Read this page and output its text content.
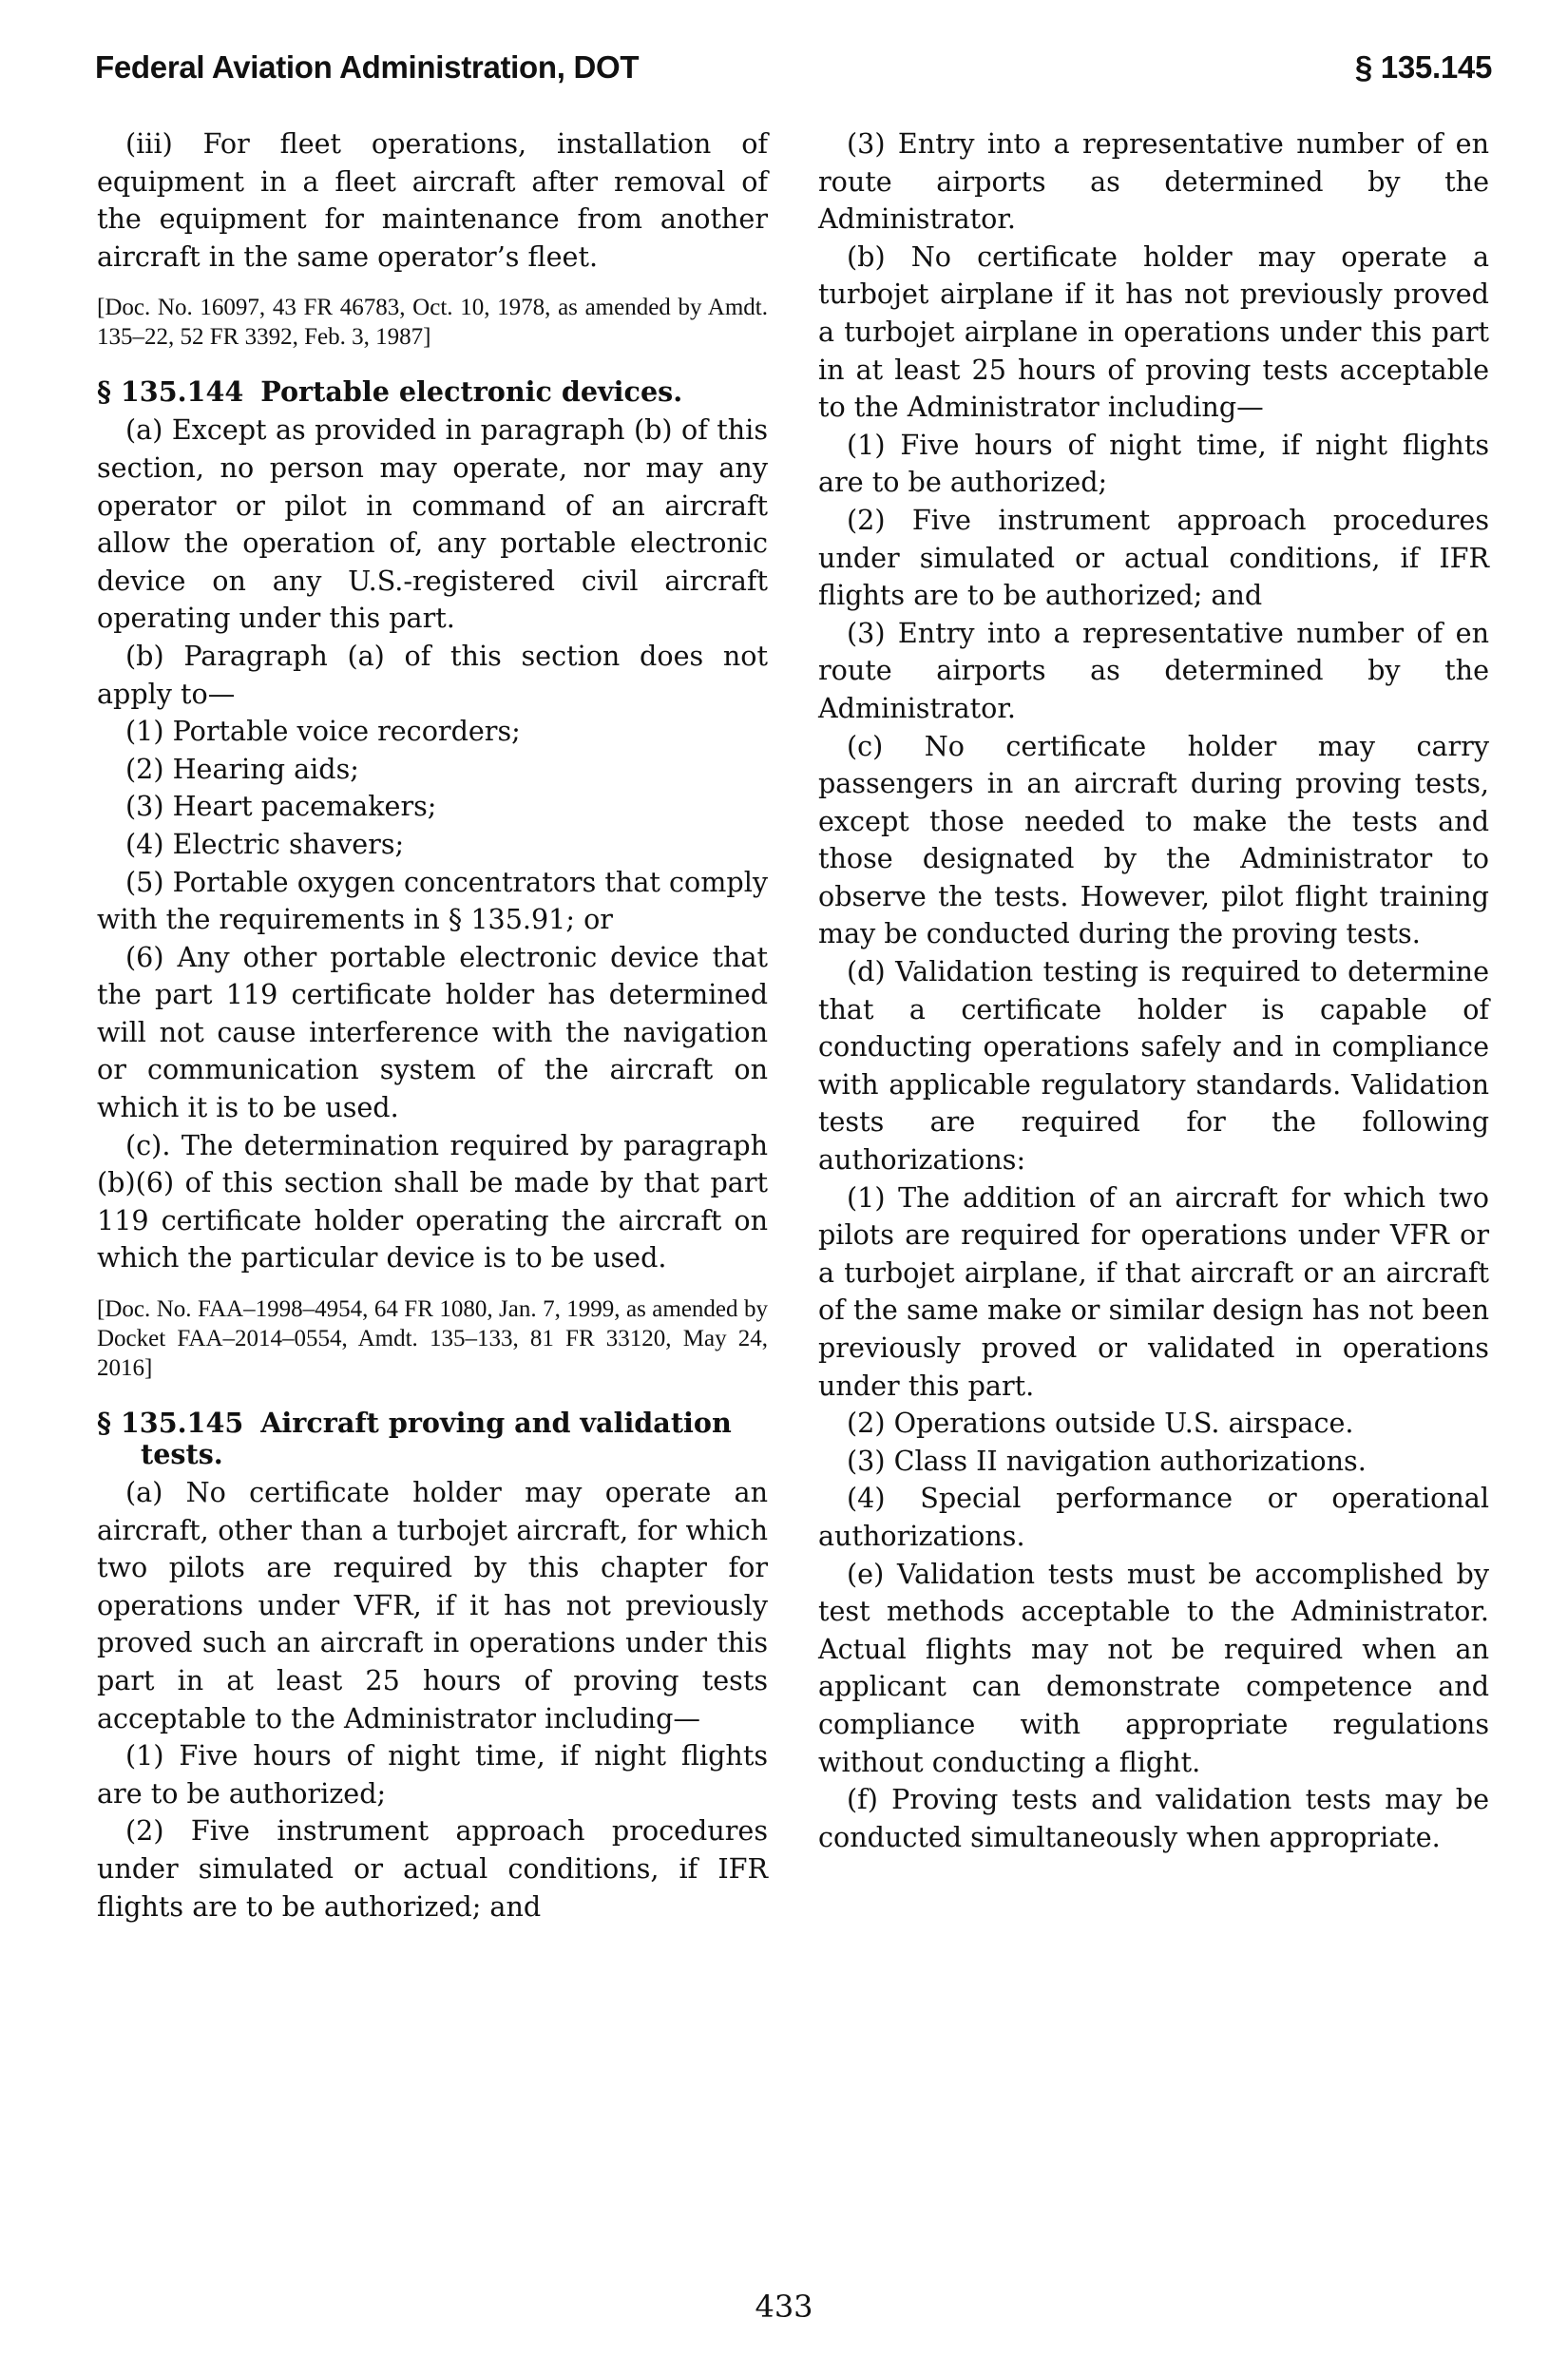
Federal Aviation Administration, DOT	§ 135.145

(iii) For fleet operations, installation of equipment in a fleet aircraft after removal of the equipment for maintenance from another aircraft in the same operator’s fleet.

[Doc. No. 16097, 43 FR 46783, Oct. 10, 1978, as amended by Amdt. 135–22, 52 FR 3392, Feb. 3, 1987]

§ 135.144 Portable electronic devices.

(a) Except as provided in paragraph (b) of this section, no person may operate, nor may any operator or pilot in command of an aircraft allow the operation of, any portable electronic device on any U.S.-registered civil aircraft operating under this part.

(b) Paragraph (a) of this section does not apply to—

(1) Portable voice recorders;

(2) Hearing aids;

(3) Heart pacemakers;

(4) Electric shavers;

(5) Portable oxygen concentrators that comply with the requirements in § 135.91; or

(6) Any other portable electronic device that the part 119 certificate holder has determined will not cause interference with the navigation or communication system of the aircraft on which it is to be used.

(c). The determination required by paragraph (b)(6) of this section shall be made by that part 119 certificate holder operating the aircraft on which the particular device is to be used.

[Doc. No. FAA–1998–4954, 64 FR 1080, Jan. 7, 1999, as amended by Docket FAA–2014–0554, Amdt. 135–133, 81 FR 33120, May 24, 2016]

§ 135.145 Aircraft proving and validation tests.

(a) No certificate holder may operate an aircraft, other than a turbojet aircraft, for which two pilots are required by this chapter for operations under VFR, if it has not previously proved such an aircraft in operations under this part in at least 25 hours of proving tests acceptable to the Administrator including—

(1) Five hours of night time, if night flights are to be authorized;

(2) Five instrument approach procedures under simulated or actual conditions, if IFR flights are to be authorized; and

(3) Entry into a representative number of en route airports as determined by the Administrator.

(b) No certificate holder may operate a turbojet airplane if it has not previously proved a turbojet airplane in operations under this part in at least 25 hours of proving tests acceptable to the Administrator including—

(1) Five hours of night time, if night flights are to be authorized;

(2) Five instrument approach procedures under simulated or actual conditions, if IFR flights are to be authorized; and

(3) Entry into a representative number of en route airports as determined by the Administrator.

(c) No certificate holder may carry passengers in an aircraft during proving tests, except those needed to make the tests and those designated by the Administrator to observe the tests. However, pilot flight training may be conducted during the proving tests.

(d) Validation testing is required to determine that a certificate holder is capable of conducting operations safely and in compliance with applicable regulatory standards. Validation tests are required for the following authorizations:

(1) The addition of an aircraft for which two pilots are required for operations under VFR or a turbojet airplane, if that aircraft or an aircraft of the same make or similar design has not been previously proved or validated in operations under this part.

(2) Operations outside U.S. airspace.

(3) Class II navigation authorizations.

(4) Special performance or operational authorizations.

(e) Validation tests must be accomplished by test methods acceptable to the Administrator. Actual flights may not be required when an applicant can demonstrate competence and compliance with appropriate regulations without conducting a flight.

(f) Proving tests and validation tests may be conducted simultaneously when appropriate.

433
